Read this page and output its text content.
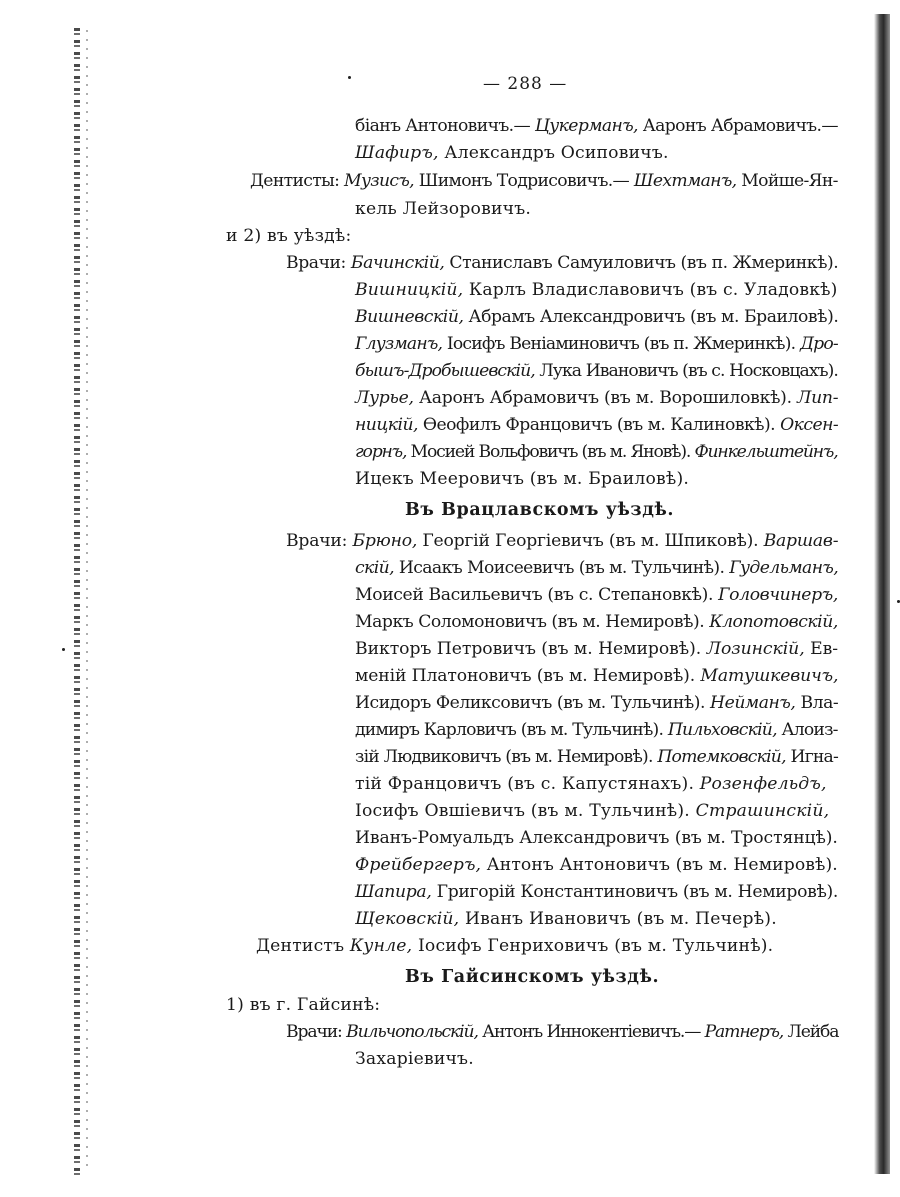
— 288 —
біанъ Антоновичъ.— Цукерманъ, Ааронъ Абрамовичъ.—
Шафиръ, Александръ Осиповичъ.
Дентисты: Музисъ, Шимонъ Тодрисовичъ.— Шехтманъ, Мойше-Ян-
кель Лейзоровичъ.
и 2) въ уѣздѣ:
Врачи: Бачинскій, Станиславъ Самуиловичъ (въ п. Жмеринкѣ).
Вишницкій, Карлъ Владиславовичъ (въ с. Уладовкѣ)
Вишневскій, Абрамъ Александровичъ (въ м. Браиловѣ).
Глузманъ, Іосифъ Веніаминовичъ (въ п. Жмеринкѣ). Дро-
бышъ-Дробышевскій, Лука Ивановичъ (въ с. Носковцахъ).
Лурье, Ааронъ Абрамовичъ (въ м. Ворошиловкѣ). Лип-
ницкій, Ѳеофилъ Францовичъ (въ м. Калиновкѣ). Оксен-
горнъ, Мосией Вольфовичъ (въ м. Яновѣ). Финкельштейнъ,
Ицекъ Мееровичъ (въ м. Браиловѣ).
Въ Врацлавскомъ уѣздѣ.
Врачи: Брюно, Георгій Георгіевичъ (въ м. Шпиковѣ). Варшав-
скій, Исаакъ Моисеевичъ (въ м. Тульчинѣ). Гудельманъ,
Моисей Васильевичъ (въ с. Степановкѣ). Головчинеръ,
Маркъ Соломоновичъ (въ м. Немировѣ). Клопотовскій,
Викторъ Петровичъ (въ м. Немировѣ). Лозинскій, Ев-
меній Платоновичъ (въ м. Немировѣ). Матушкевичъ,
Исидоръ Феликсовичъ (въ м. Тульчинѣ). Нейманъ, Вла-
димиръ Карловичъ (въ м. Тульчинѣ). Пильховскій, Алоиз-
зій Людвиковичъ (въ м. Немировѣ). Потемковскій, Игна-
тій Францовичъ (въ с. Капустянахъ). Розенфельдъ,
Іосифъ Овшіевичъ (въ м. Тульчинѣ). Страшинскій,
Иванъ-Ромуальдъ Александровичъ (въ м. Тростянцѣ).
Фрейбергеръ, Антонъ Антоновичъ (въ м. Немировѣ).
Шапира, Григорій Константиновичъ (въ м. Немировѣ).
Щековскій, Иванъ Ивановичъ (въ м. Печерѣ).
Дентистъ Кунле, Іосифъ Генриховичъ (въ м. Тульчинѣ).
Въ Гайсинскомъ уѣздѣ.
1) въ г. Гайсинѣ:
Врачи: Вильчопольскій, Антонъ Иннокентіевичъ.— Ратнеръ, Лейба
Захаріевичъ.
